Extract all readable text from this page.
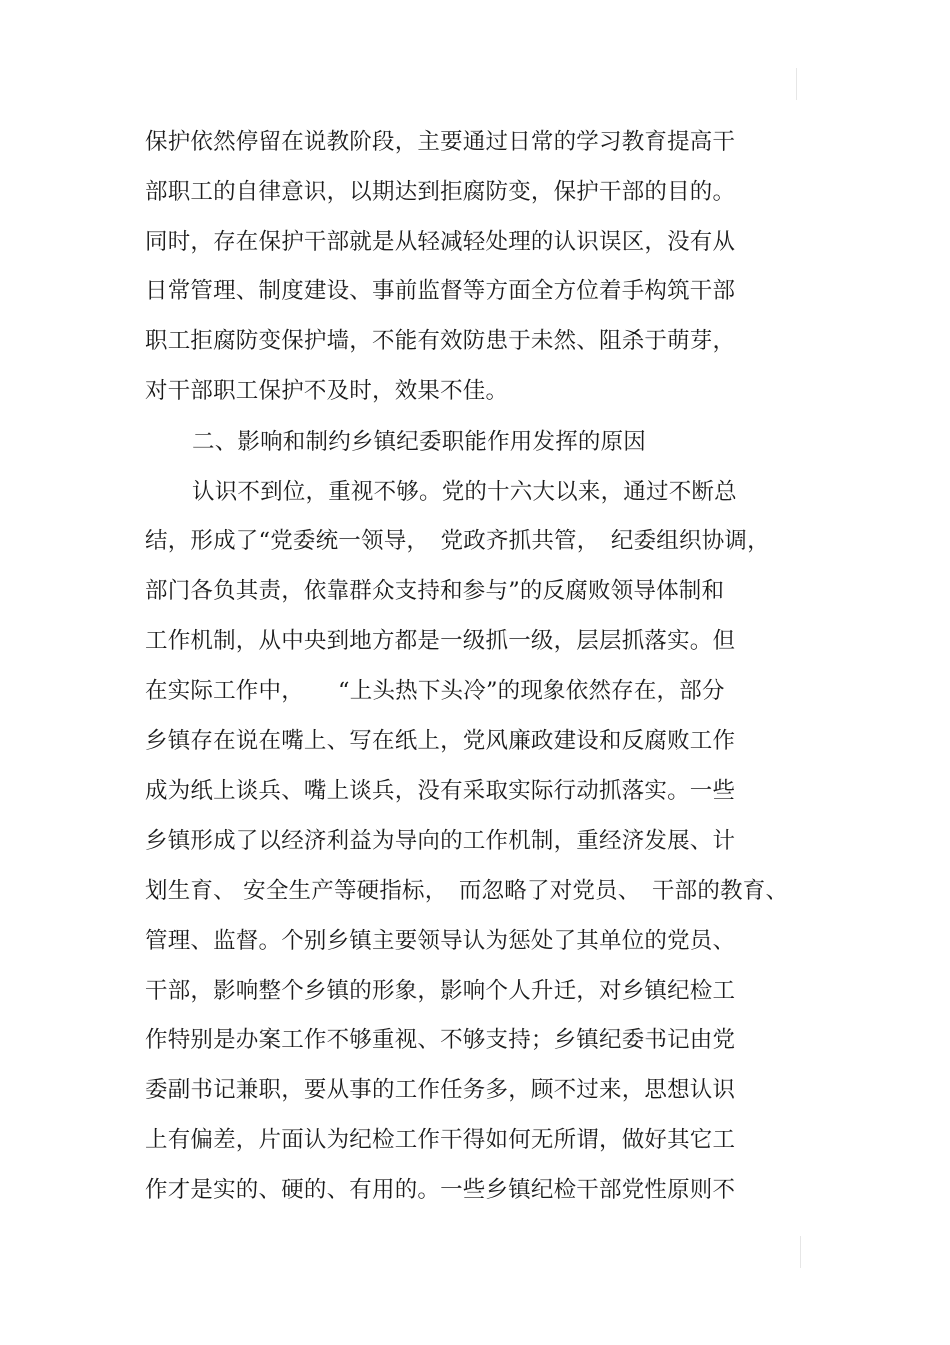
保护依然停留在说教阶段，主要通过日常的学习教育提高干
部职工的自律意识，以期达到拒腐防变，保护干部的目的。
同时，存在保护干部就是从轻减轻处理的认识误区，没有从
日常管理、制度建设、事前监督等方面全方位着手构筑干部
职工拒腐防变保护墙，不能有效防患于未然、阻杀于萌芽，
对干部职工保护不及时，效果不佳。
二、影响和制约乡镇纪委职能作用发挥的原因
认识不到位，重视不够。党的十六大以来，通过不断总
结，形成了“党委统一领导，　党政齐抓共管，　纪委组织协调，
部门各负其责，依靠群众支持和参与”的反腐败领导体制和
工作机制，从中央到地方都是一级抓一级，层层抓落实。但
在实际工作中，　　“上头热下头冷”的现象依然存在，部分
乡镇存在说在嘴上、写在纸上，党风廉政建设和反腐败工作
成为纸上谈兵、嘴上谈兵，没有采取实际行动抓落实。一些
乡镇形成了以经济利益为导向的工作机制，重经济发展、计
划生育、 安全生产等硬指标，　而忽略了对党员、　干部的教育、
管理、监督。个别乡镇主要领导认为惩处了其单位的党员、
干部，影响整个乡镇的形象，影响个人升迁，对乡镇纪检工
作特别是办案工作不够重视、不够支持；乡镇纪委书记由党
委副书记兼职，要从事的工作任务多，顾不过来，思想认识
上有偏差，片面认为纪检工作干得如何无所谓，做好其它工
作才是实的、硬的、有用的。一些乡镇纪检干部党性原则不
